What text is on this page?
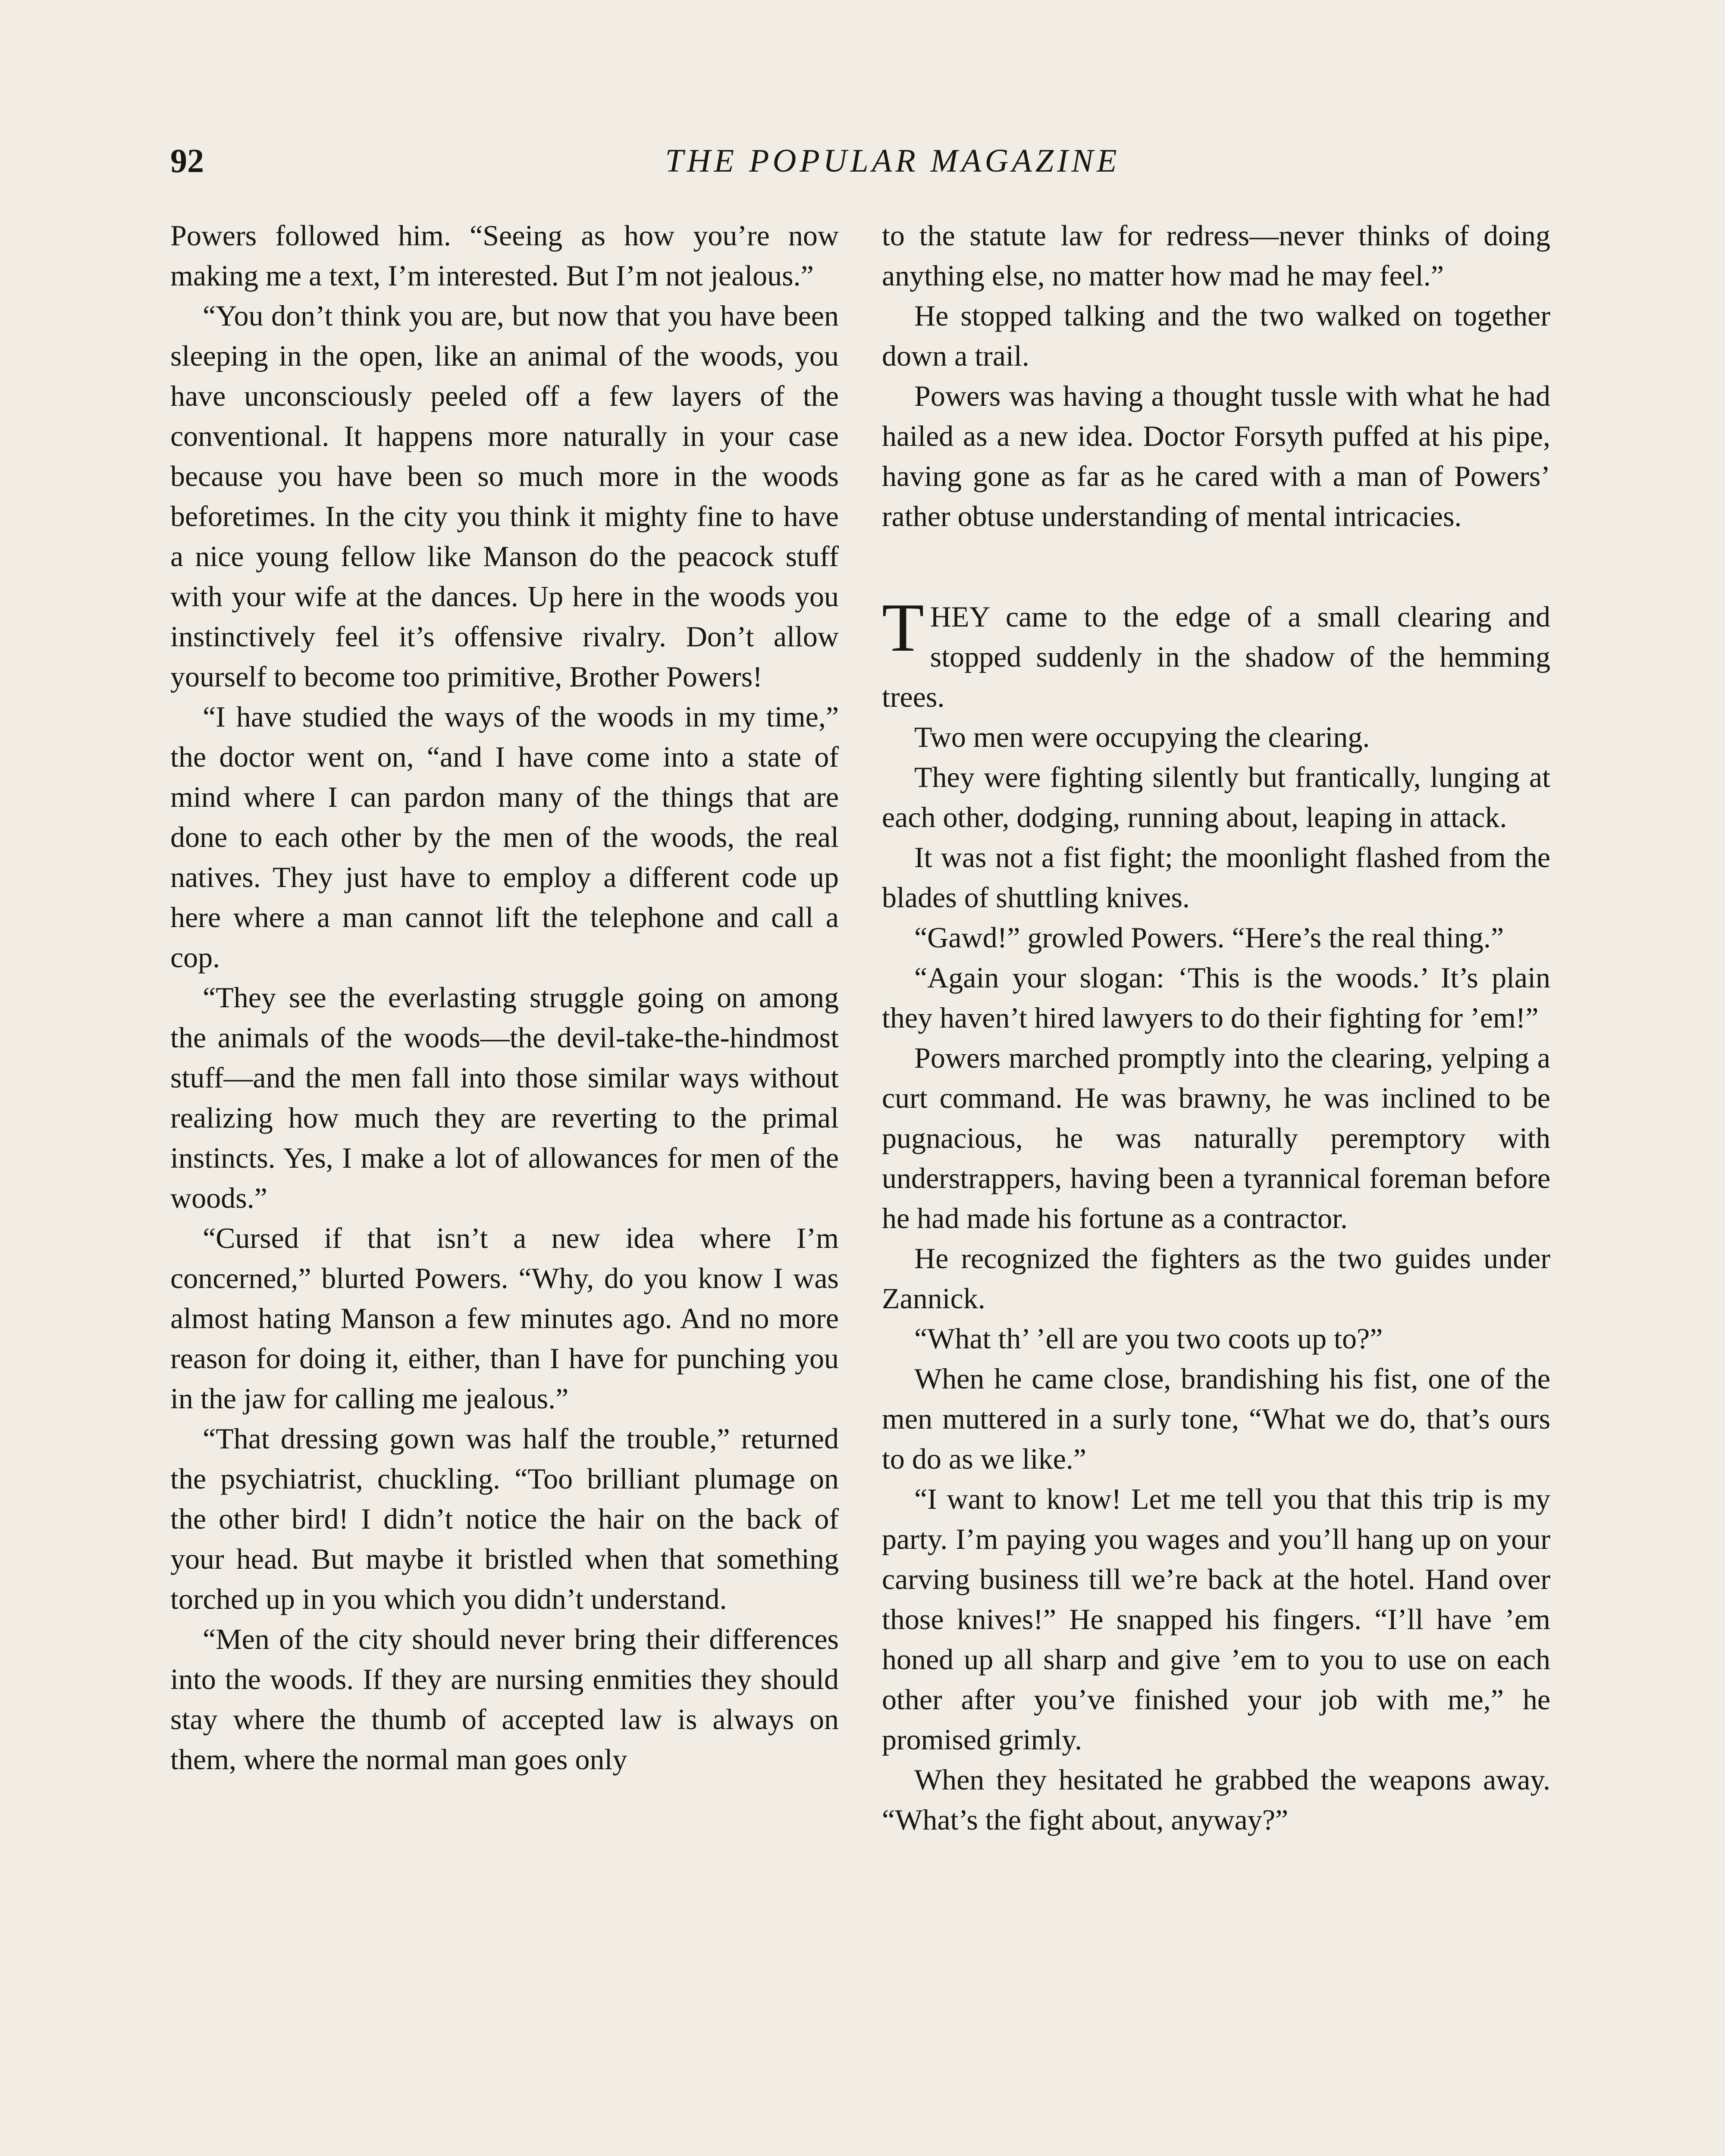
92	THE POPULAR MAGAZINE

Powers followed him. “Seeing as how you’re now making me a text, I’m interested. But I’m not jealous.”

“You don’t think you are, but now that you have been sleeping in the open, like an animal of the woods, you have unconsciously peeled off a few layers of the conventional. It happens more naturally in your case because you have been so much more in the woods beforetimes. In the city you think it mighty fine to have a nice young fellow like Manson do the peacock stuff with your wife at the dances. Up here in the woods you instinctively feel it’s offensive rivalry. Don’t allow yourself to become too primitive, Brother Powers!

“I have studied the ways of the woods in my time,” the doctor went on, “and I have come into a state of mind where I can pardon many of the things that are done to each other by the men of the woods, the real natives. They just have to employ a different code up here where a man cannot lift the telephone and call a cop.

“They see the everlasting struggle going on among the animals of the woods—the devil-take-the-hindmost stuff—and the men fall into those similar ways without realizing how much they are reverting to the primal instincts. Yes, I make a lot of allowances for men of the woods.”

“Cursed if that isn’t a new idea where I’m concerned,” blurted Powers. “Why, do you know I was almost hating Manson a few minutes ago. And no more reason for doing it, either, than I have for punching you in the jaw for calling me jealous.”

“That dressing gown was half the trouble,” returned the psychiatrist, chuckling. “Too brilliant plumage on the other bird! I didn’t notice the hair on the back of your head. But maybe it bristled when that something torched up in you which you didn’t understand.

“Men of the city should never bring their differences into the woods. If they are nursing enmities they should stay where the thumb of accepted law is always on them, where the normal man goes only

to the statute law for redress—never thinks of doing anything else, no matter how mad he may feel.”

He stopped talking and the two walked on together down a trail.

Powers was having a thought tussle with what he had hailed as a new idea. Doctor Forsyth puffed at his pipe, having gone as far as he cared with a man of Powers’ rather obtuse understanding of mental intricacies.

THEY came to the edge of a small clearing and stopped suddenly in the shadow of the hemming trees.

Two men were occupying the clearing.

They were fighting silently but frantically, lunging at each other, dodging, running about, leaping in attack.

It was not a fist fight; the moonlight flashed from the blades of shuttling knives.

“Gawd!” growled Powers. “Here’s the real thing.”

“Again your slogan: ‘This is the woods.’ It’s plain they haven’t hired lawyers to do their fighting for ’em!”

Powers marched promptly into the clearing, yelping a curt command. He was brawny, he was inclined to be pugnacious, he was naturally peremptory with understrappers, having been a tyrannical foreman before he had made his fortune as a contractor.

He recognized the fighters as the two guides under Zannick.

“What th’ ’ell are you two coots up to?”

When he came close, brandishing his fist, one of the men muttered in a surly tone, “What we do, that’s ours to do as we like.”

“I want to know! Let me tell you that this trip is my party. I’m paying you wages and you’ll hang up on your carving business till we’re back at the hotel. Hand over those knives!” He snapped his fingers. “I’ll have ’em honed up all sharp and give ’em to you to use on each other after you’ve finished your job with me,” he promised grimly.

When they hesitated he grabbed the weapons away. “What’s the fight about, anyway?”
